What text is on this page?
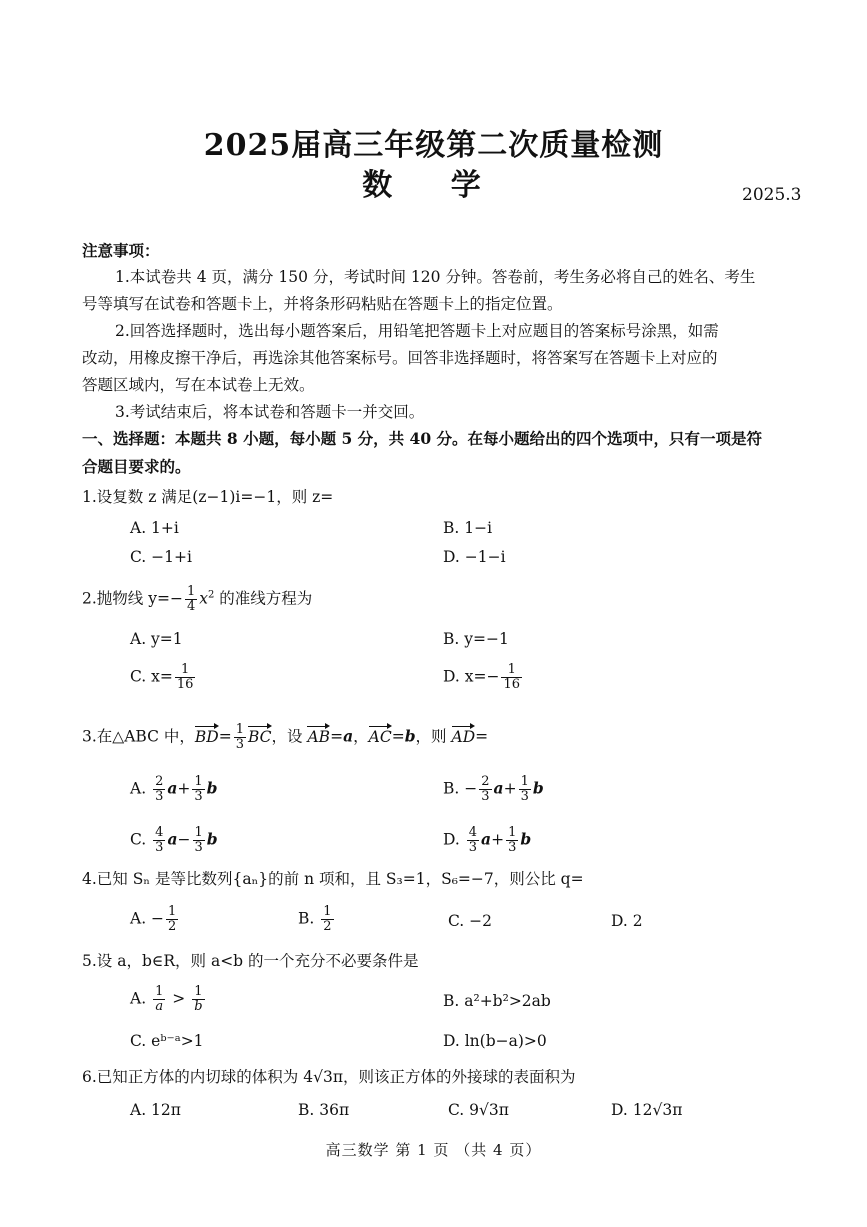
2025届高三年级第二次质量检测
数 学	2025.3
注意事项：
1.本试卷共 4 页，满分 150 分，考试时间 120 分钟。答卷前，考生务必将自己的姓名、考生
号等填写在试卷和答题卡上，并将条形码粘贴在答题卡上的指定位置。
2.回答选择题时，选出每小题答案后，用铅笔把答题卡上对应题目的答案标号涂黑，如需
改动，用橡皮擦干净后，再选涂其他答案标号。回答非选择题时，将答案写在答题卡上对应的
答题区域内，写在本试卷上无效。
3.考试结束后，将本试卷和答题卡一并交回。
一、选择题：本题共 8 小题，每小题 5 分，共 40 分。在每小题给出的四个选项中，只有一项是符
合题目要求的。
1.设复数 z 满足(z−1)i=−1，则 z=
A. 1+i	B. 1−i
C. −1+i	D. −1−i
2.抛物线 $y=- \frac{1}{4} x^2$ 的准线方程为
A. y=1	B. y=−1
C. $x= \frac{1}{16}$	D. $x=- \frac{1}{16}$
3.在△ABC 中，$BD= \frac{1}{3}$ BC，设 AB=a，AC=b，则 AD=
A. $\frac{2}{3} a+ \frac{1}{3}$ b	B. − $\frac{2}{3} a+ \frac{1}{3}$ b
C. $\frac{4}{3} a- \frac{1}{3}$ b	D. $\frac{4}{3} a+ \frac{1}{3}$ b
4.已知 Sₙ 是等比数列{aₙ}的前 n 项和，且 S₃=1，S₆=−7，则公比 q=
A. − $\frac{1}{2}$	B. $\frac{1}{2}$	C. −2	D. 2
5.设 a，b∈R，则 a<b 的一个充分不必要条件是
A. $\frac{1}{a} > \frac{1}{b}$	B. a²+b²>2ab
C. eᵇ⁻ᵃ>1	D. ln(b−a)>0
6.已知正方体的内切球的体积为 4√3π，则该正方体的外接球的表面积为
A. 12π	B. 36π	C. 9√3π	D. 12√3π
高三数学 第 1 页 （共 4 页）
